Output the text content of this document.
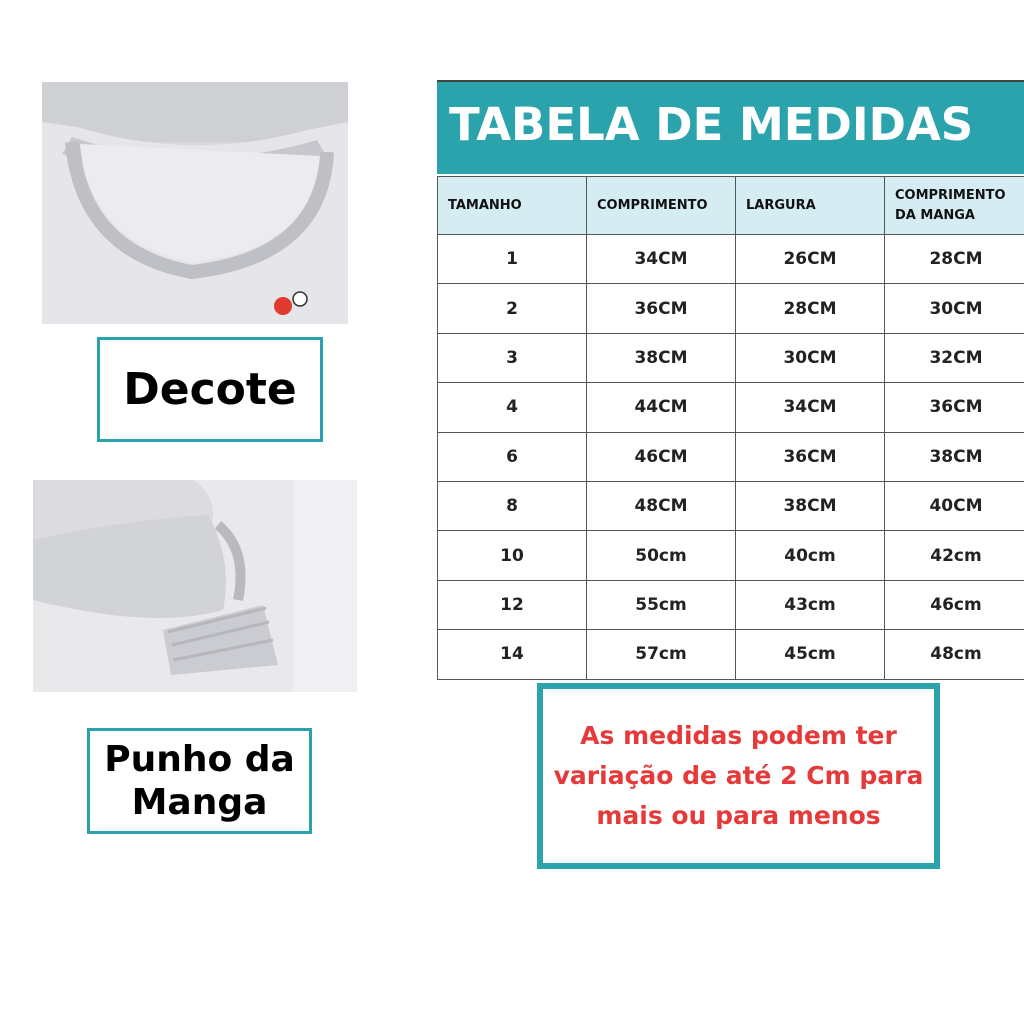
Decote
Punho da
Manga
TABELA DE MEDIDAS
TAMANHO	COMPRIMENTO	LARGURA	COMPRIMENTO DA MANGA
1	34CM	26CM	28CM
2	36CM	28CM	30CM
3	38CM	30CM	32CM
4	44CM	34CM	36CM
6	46CM	36CM	38CM
8	48CM	38CM	40CM
10	50cm	40cm	42cm
12	55cm	43cm	46cm
14	57cm	45cm	48cm
As medidas podem ter variação de até 2 Cm para mais ou para menos
